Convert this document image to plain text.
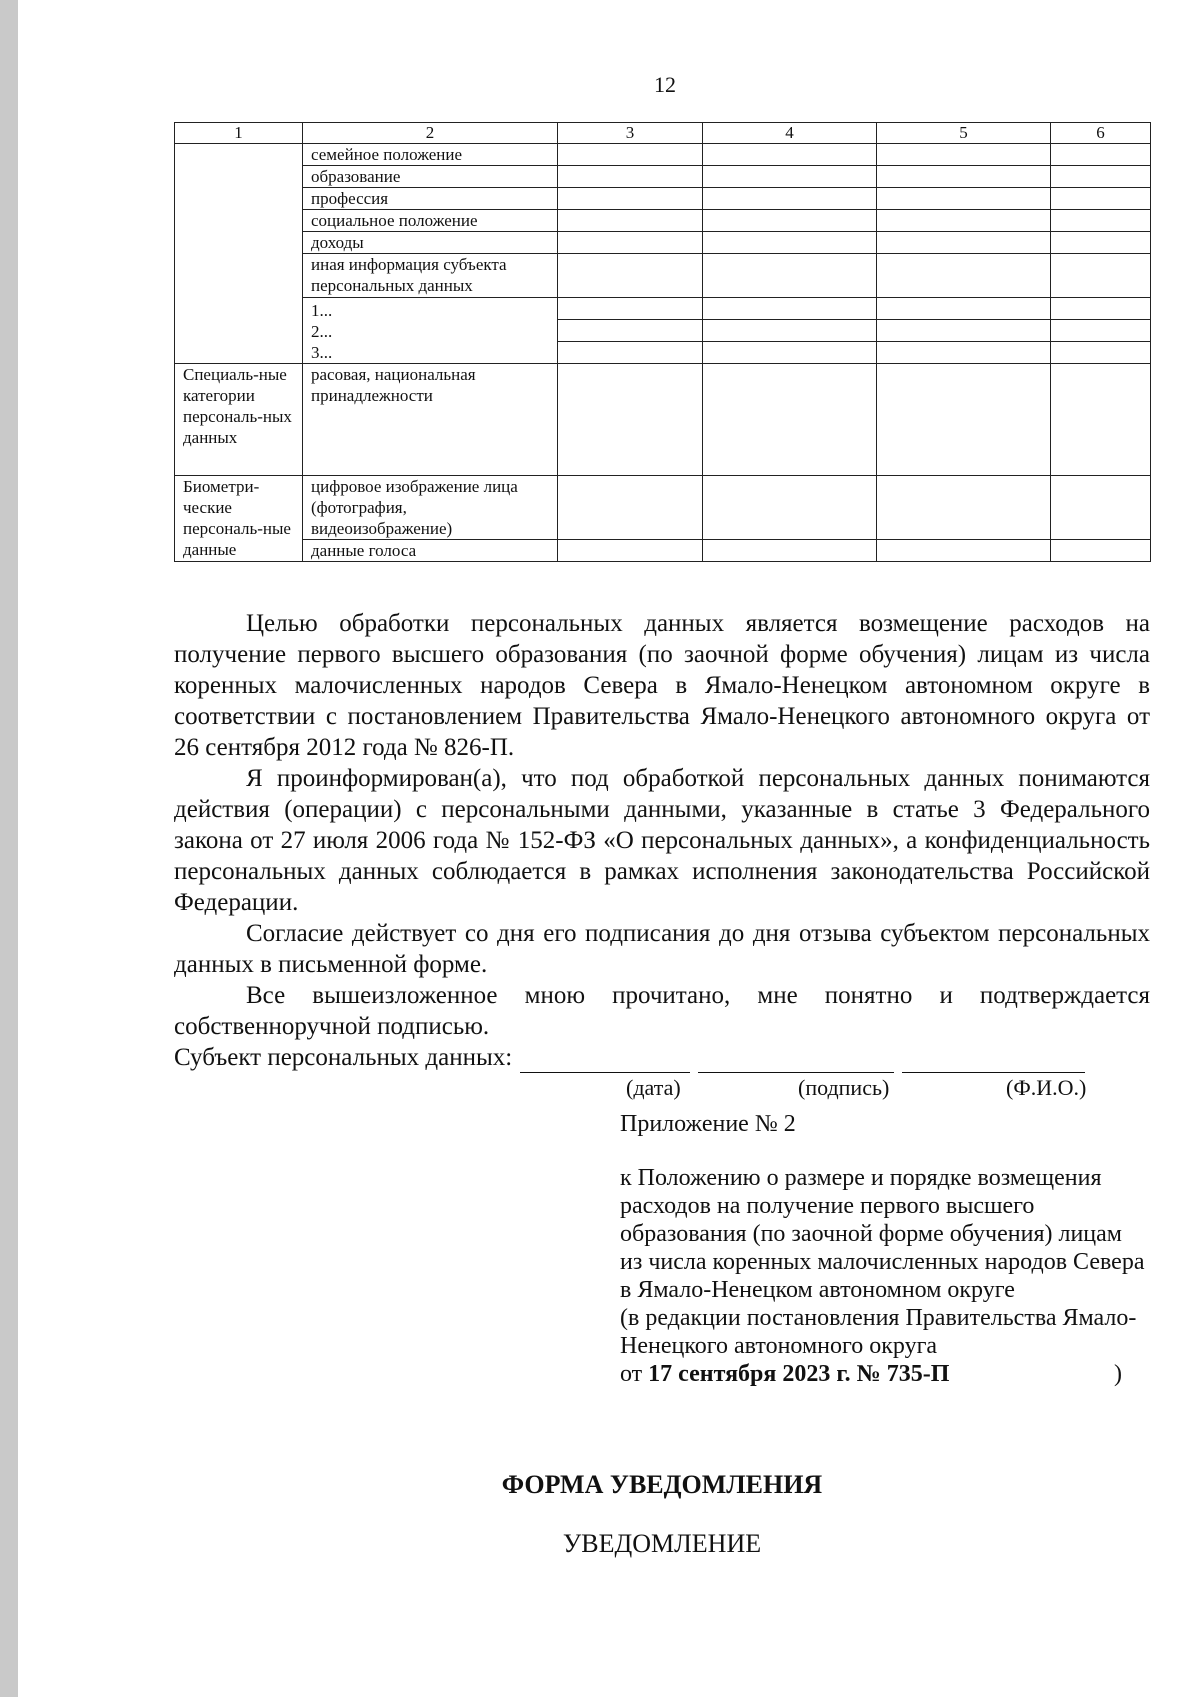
12
1	2	3	4	5	6
	семейное положение				
	образование				
	профессия				
	социальное положение				
	доходы				
	иная информация субъекта персональных данных				

	1...
2...
3...				

Специаль-ные категории персональ-ных данных	расовая, национальная принадлежности				
Биометри-ческие персональ-ные данные	цифровое изображение лица (фотография, видеоизображение)				
	данные голоса				

Целью обработки персональных данных является возмещение расходов на получение первого высшего образования (по заочной форме обучения) лицам из числа коренных малочисленных народов Севера в Ямало-Ненецком автономном округе в соответствии с постановлением Правительства Ямало-Ненецкого автономного округа от 26 сентября 2012 года № 826-П.

Я проинформирован(а), что под обработкой персональных данных понимаются действия (операции) с персональными данными, указанные в статье 3 Федерального закона от 27 июля 2006 года № 152-ФЗ «О персональных данных», а конфиденциальность персональных данных соблюдается в рамках исполнения законодательства Российской Федерации.

Согласие действует со дня его подписания до дня отзыва субъектом персональных данных в письменной форме.

Все вышеизложенное мною прочитано, мне понятно и подтверждается собственноручной подписью.

Субъект персональных данных:
(дата)	(подпись)	(Ф.И.О.)
Приложение № 2
к Положению о размере и порядке возмещения расходов на получение первого высшего образования (по заочной форме обучения) лицам из числа коренных малочисленных народов Севера в Ямало-Ненецком автономном округе
(в редакции постановления Правительства Ямало-Ненецкого автономного округа
от 17 сентября 2023 г. № 735-П	)
ФОРМА УВЕДОМЛЕНИЯ
УВЕДОМЛЕНИЕ
